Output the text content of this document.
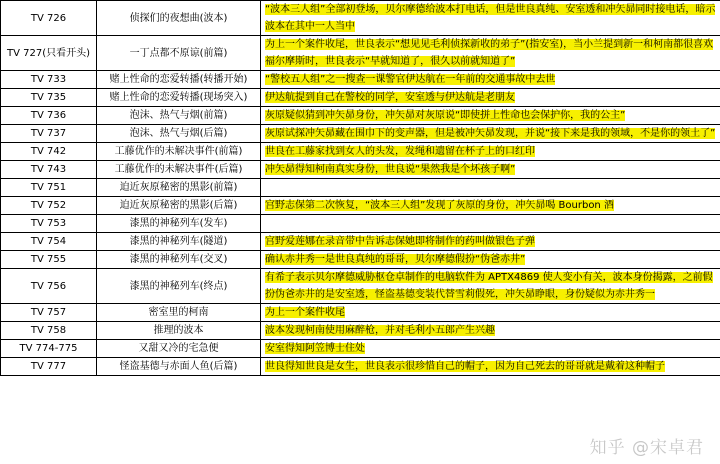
TV 726	侦探们的夜想曲(波本)	“波本三人组”全部初登场，贝尔摩德给波本打电话，但是世良真纯、安室透和冲矢昴同时接电话，暗示波本在其中一人当中
TV 727(只看开头)	一丁点都不原谅(前篇)	为上一个案件收尾，世良表示“想见见毛利侦探新收的弟子”(指安室)，当小兰提到新一和柯南都很喜欢福尔摩斯时，世良表示“早就知道了，很久以前就知道了”
TV 733	赌上性命的恋爱转播(转播开始)	“警校五人组”之一搜查一课警官伊达航在一年前的交通事故中去世
TV 735	赌上性命的恋爱转播(现场突入)	伊达航提到自己在警校的同学，安室透与伊达航是老朋友
TV 736	泡沫、热气与烟(前篇)	灰原疑似猜到冲矢昴身份，冲矢昴对灰原说“即使拼上性命也会保护你，我的公主”
TV 737	泡沫、热气与烟(后篇)	灰原试探冲矢昴藏在围巾下的变声器，但是被冲矢昴发现，并说“接下来是我的领域，不是你的领土了”
TV 742	工藤优作的未解决事件(前篇)	世良在工藤家找到女人的头发，发绳和遗留在杯子上的口红印
TV 743	工藤优作的未解决事件(后篇)	冲矢昴得知柯南真实身份，世良说“果然我是个坏孩子啊”
TV 751	迫近灰原秘密的黑影(前篇)	
TV 752	迫近灰原秘密的黑影(后篇)	宫野志保第二次恢复，“波本三人组”发现了灰原的身份，冲矢昴喝 Bourbon 酒
TV 753	漆黑的神秘列车(发车)	
TV 754	漆黑的神秘列车(隧道)	宫野爱莲娜在录音带中告诉志保她即将制作的药叫做银色子弹
TV 755	漆黑的神秘列车(交叉)	确认赤井秀一是世良真纯的哥哥，贝尔摩德假扮“伪爸赤井”
TV 756	漆黑的神秘列车(终点)	有希子表示贝尔摩德威胁枢仓卓制作的电脑软件为 APTX4869 使人变小有关，波本身份揭露，之前假扮伪爸赤井的是安室透，怪盗基德变装代替雪莉假死，冲矢昴睁眼，身份疑似为赤井秀一
TV 757	密室里的柯南	为上一个案件收尾
TV 758	推理的波本	波本发现柯南使用麻醉枪，并对毛利小五郎产生兴趣
TV 774-775	又甜又冷的宅急便	安室得知阿笠博士住处
TV 777	怪盗基德与赤面人鱼(后篇)	世良得知世良是女生，世良表示很珍惜自己的帽子，因为自己死去的哥哥就是戴着这种帽子
知乎 @宋卓君
